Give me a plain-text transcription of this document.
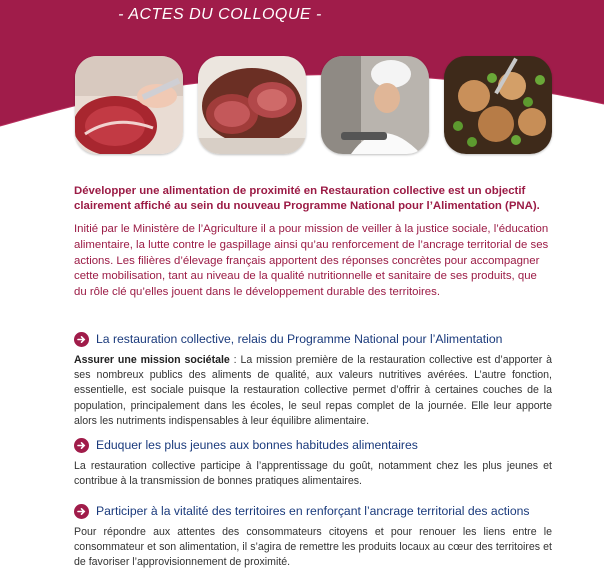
- ACTES DU COLLOQUE -

Développer une alimentation de proximité en Restauration collective est un objectif clairement affiché au sein du nouveau Programme National pour l’Alimentation (PNA).

Initié par le Ministère de l’Agriculture il a pour mission de veiller à la justice sociale, l’éducation alimentaire, la lutte contre le gaspillage ainsi qu’au renforcement de l’ancrage territorial de ses actions. Les filières d’élevage français apportent des réponses concrètes pour accompagner cette mobilisation, tant au niveau de la qualité nutritionnelle et sanitaire de ses produits, que du rôle clé qu’elles jouent dans le développement durable des territoires.

La restauration collective, relais du Programme National pour l’Alimentation

Assurer une mission sociétale : La mission première de la restauration collective est d’apporter à ses nombreux publics des aliments de qualité, aux valeurs nutritives avérées. L’autre fonction, essentielle, est sociale puisque la restauration collective permet d’offrir à certaines couches de la population, principalement dans les écoles, le seul repas complet de la journée. Elle leur apporte alors les nutriments indispensables à leur équilibre alimentaire.

Eduquer les plus jeunes aux bonnes habitudes alimentaires

La restauration collective participe à l’apprentissage du goût, notamment chez les plus jeunes et contribue à la transmission de bonnes pratiques alimentaires.

Participer à la vitalité des territoires en renforçant l’ancrage territorial des actions

Pour répondre aux attentes des consommateurs citoyens et pour renouer les liens entre le consommateur et son alimentation, il s’agira de remettre les produits locaux au cœur des territoires et de favoriser l’approvisionnement de proximité.
